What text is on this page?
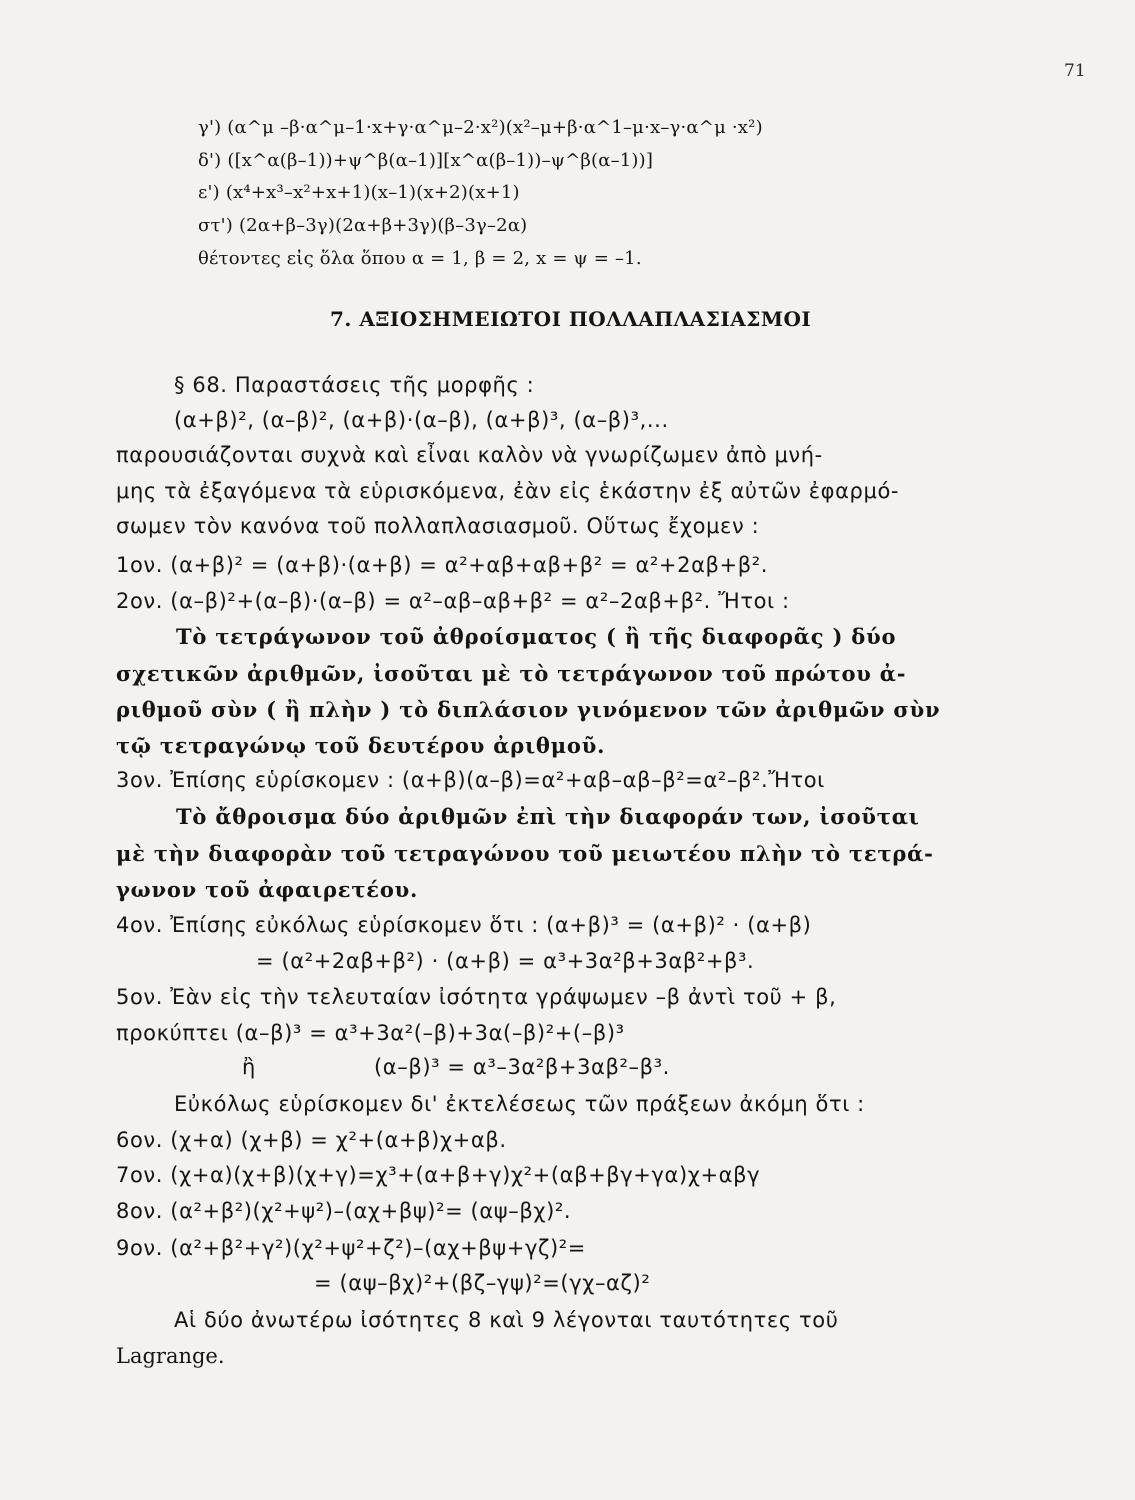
71
γ') (α^μ –β·α^μ–1·x+γ·α^μ–2·x²)(x²–μ+β·α^1–μ·x–γ·α^μ ·x²)
δ') ([x^α(β–1))+ψ^β(α–1)][x^α(β–1))–ψ^β(α–1))]
ε') (x⁴+x³–x²+x+1)(x–1)(x+2)(x+1)
στ') (2α+β–3γ)(2α+β+3γ)(β–3γ–2α)
θέτοντες εἰς ὅλα ὅπου α = 1, β = 2, x = ψ = –1.
7. ΑΞΙΟΣΗΜΕΙΩΤΟΙ ΠΟΛΛΑΠΛΑΣΙΑΣΜΟΙ
§ 68. Παραστάσεις τῆς μορφῆς :
(α+β)², (α–β)², (α+β)·(α–β), (α+β)³, (α–β)³,...
παρουσιάζονται συχνὰ καὶ εἶναι καλὸν νὰ γνωρίζωμεν ἀπὸ μνή-
μης τὰ ἐξαγόμενα τὰ εὑρισκόμενα, ἐὰν εἰς ἑκάστην ἐξ αὐτῶν ἐφαρμό-
σωμεν τὸν κανόνα τοῦ πολλαπλασιασμοῦ. Οὕτως ἔχομεν :
1ον. (α+β)² = (α+β)·(α+β) = α²+αβ+αβ+β² = α²+2αβ+β².
2ον. (α–β)²+(α–β)·(α–β) = α²–αβ–αβ+β² = α²–2αβ+β². Ἤτοι :
Τὸ τετράγωνον τοῦ ἀθροίσματος ( ἢ τῆς διαφορᾶς ) δύο
σχετικῶν ἀριθμῶν, ἰσοῦται μὲ τὸ τετράγωνον τοῦ πρώτου ἀ-
ριθμοῦ σὺν ( ἢ πλὴν ) τὸ διπλάσιον γινόμενον τῶν ἀριθμῶν σὺν
τῷ τετραγώνῳ τοῦ δευτέρου ἀριθμοῦ.
3ον. Ἐπίσης εὑρίσκομεν : (α+β)(α–β)=α²+αβ–αβ–β²=α²–β².Ἤτοι
Τὸ ἄθροισμα δύο ἀριθμῶν ἐπὶ τὴν διαφοράν των, ἰσοῦται
μὲ τὴν διαφορὰν τοῦ τετραγώνου τοῦ μειωτέου πλὴν τὸ τετρά-
γωνον τοῦ ἀφαιρετέου.
4ον. Ἐπίσης εὐκόλως εὑρίσκομεν ὅτι : (α+β)³ = (α+β)² · (α+β)
= (α²+2αβ+β²) · (α+β) = α³+3α²β+3αβ²+β³.
5ον. Ἐὰν εἰς τὴν τελευταίαν ἰσότητα γράψωμεν –β ἀντὶ τοῦ + β,
προκύπτει (α–β)³ = α³+3α²(–β)+3α(–β)²+(–β)³
ἢ	(α–β)³ = α³–3α²β+3αβ²–β³.
Εὐκόλως εὑρίσκομεν δι' ἐκτελέσεως τῶν πράξεων ἀκόμη ὅτι :
6ον. (χ+α) (χ+β) = χ²+(α+β)χ+αβ.
7ον. (χ+α)(χ+β)(χ+γ)=χ³+(α+β+γ)χ²+(αβ+βγ+γα)χ+αβγ
8ον. (α²+β²)(χ²+ψ²)–(αχ+βψ)²= (αψ–βχ)².
9ον. (α²+β²+γ²)(χ²+ψ²+ζ²)–(αχ+βψ+γζ)²=
= (αψ–βχ)²+(βζ–γψ)²=(γχ–αζ)²
Αἱ δύο ἀνωτέρω ἰσότητες 8 καὶ 9 λέγονται ταυτότητες τοῦ
Lagrange.
